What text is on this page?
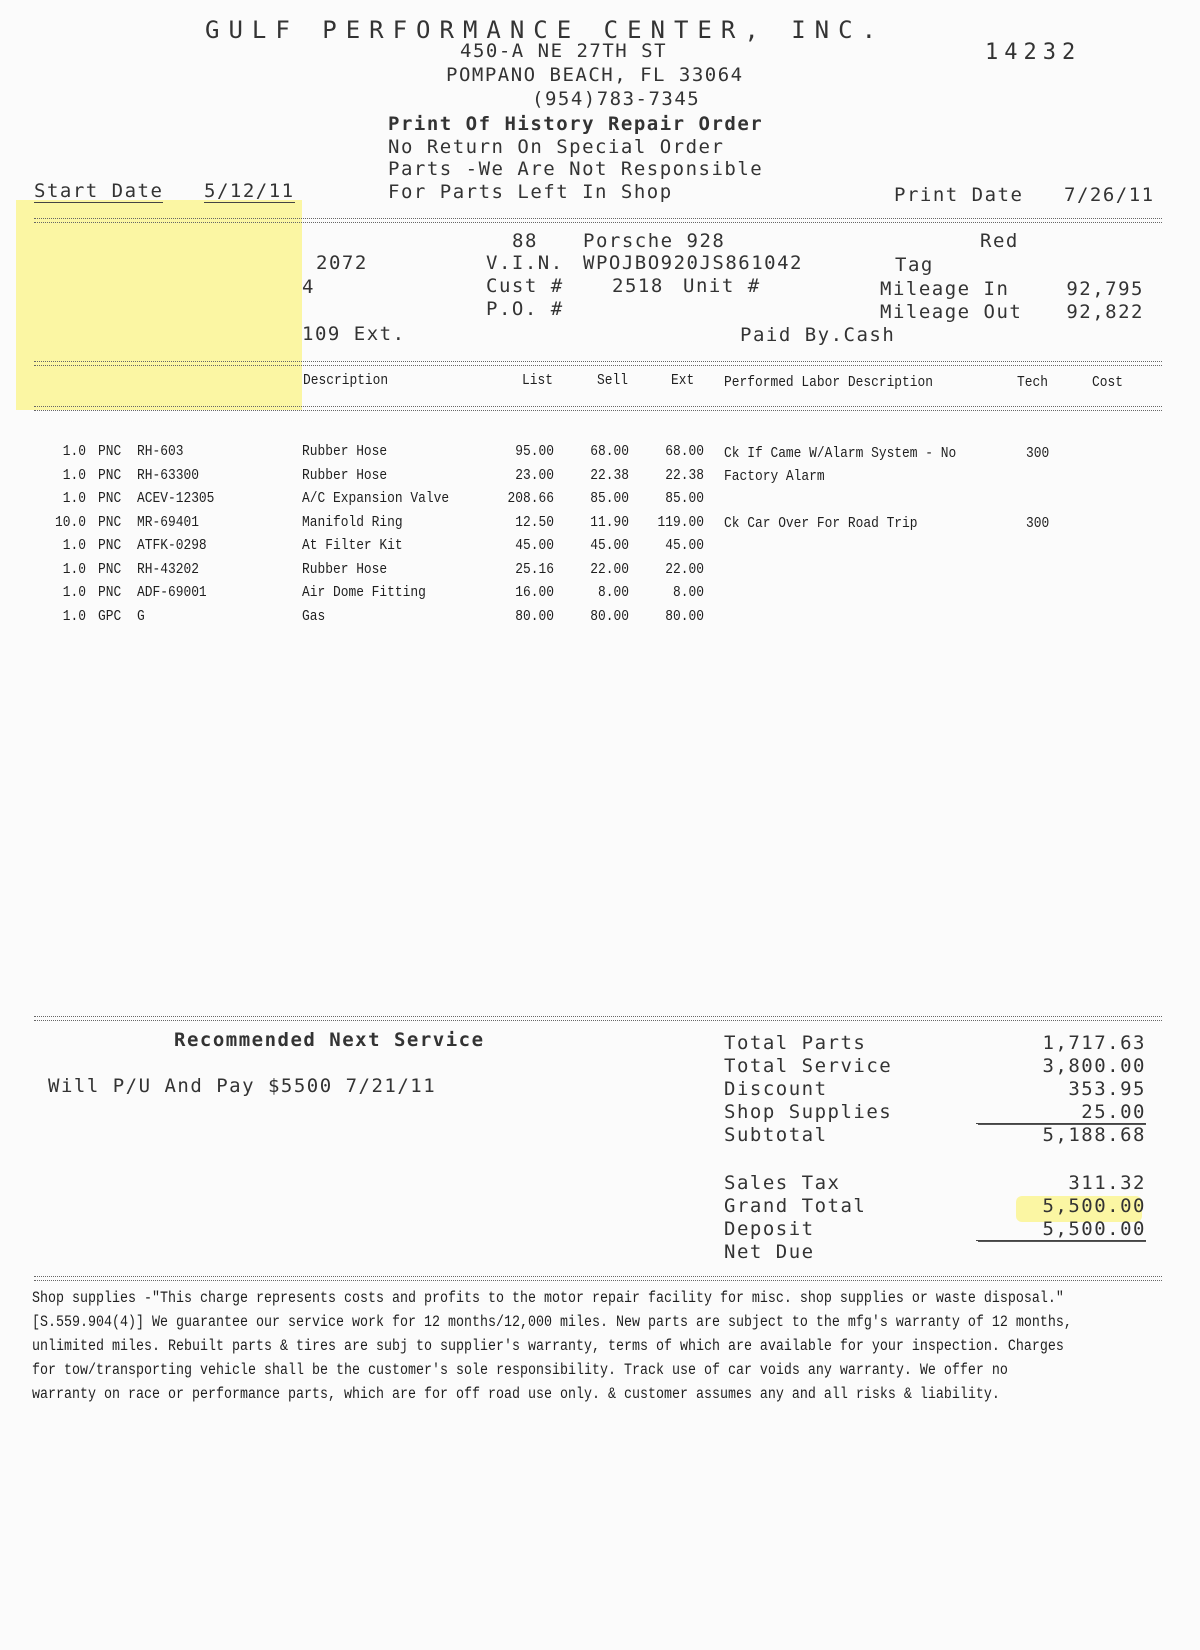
GULF PERFORMANCE CENTER, INC.
450-A NE 27TH ST	14232
POMPANO BEACH, FL 33064
(954)783-7345
Print Of History Repair Order
No Return On Special Order
Parts -We Are Not Responsible
For Parts Left In Shop
Start Date 5/12/11	Print Date 7/26/11
2072
4
109 Ext.
88 Porsche 928	Red
V.I.N. WPOJBO920JS861042	Tag
Cust #	2518 Unit #	Mileage In	92,795
P.O. #	Mileage Out	92,822
Paid By.Cash
Description	List	Sell	Ext Performed Labor Description	Tech	Cost
1.0 PNC RH-603	Rubber Hose	95.00	68.00	68.00
1.0 PNC RH-63300	Rubber Hose	23.00	22.38	22.38
1.0 PNC ACEV-12305	A/C Expansion Valve	208.66	85.00	85.00
10.0 PNC MR-69401	Manifold Ring	12.50	11.90	119.00
1.0 PNC ATFK-0298	At Filter Kit	45.00	45.00	45.00
1.0 PNC RH-43202	Rubber Hose	25.16	22.00	22.00
1.0 PNC ADF-69001	Air Dome Fitting	16.00	8.00	8.00
1.0 GPC G	Gas	80.00	80.00	80.00
Ck If Came W/Alarm System - No
Factory Alarm
300
Ck Car Over For Road Trip	300
Recommended Next Service
Will P/U And Pay $5500 7/21/11
Total Parts	1,717.63
Total Service	3,800.00
Discount	353.95
Shop Supplies	25.00
Subtotal	5,188.68
Sales Tax	311.32
Grand Total	5,500.00
Deposit	5,500.00
Net Due
Shop supplies -"This charge represents costs and profits to the motor repair facility for misc. shop supplies or waste disposal."
[S.559.904(4)] We guarantee our service work for 12 months/12,000 miles. New parts are subject to the mfg's warranty of 12 months,
unlimited miles. Rebuilt parts & tires are subj to supplier's warranty, terms of which are available for your inspection. Charges
for tow/transporting vehicle shall be the customer's sole responsibility. Track use of car voids any warranty. We offer no
warranty on race or performance parts, which are for off road use only. & customer assumes any and all risks & liability.
